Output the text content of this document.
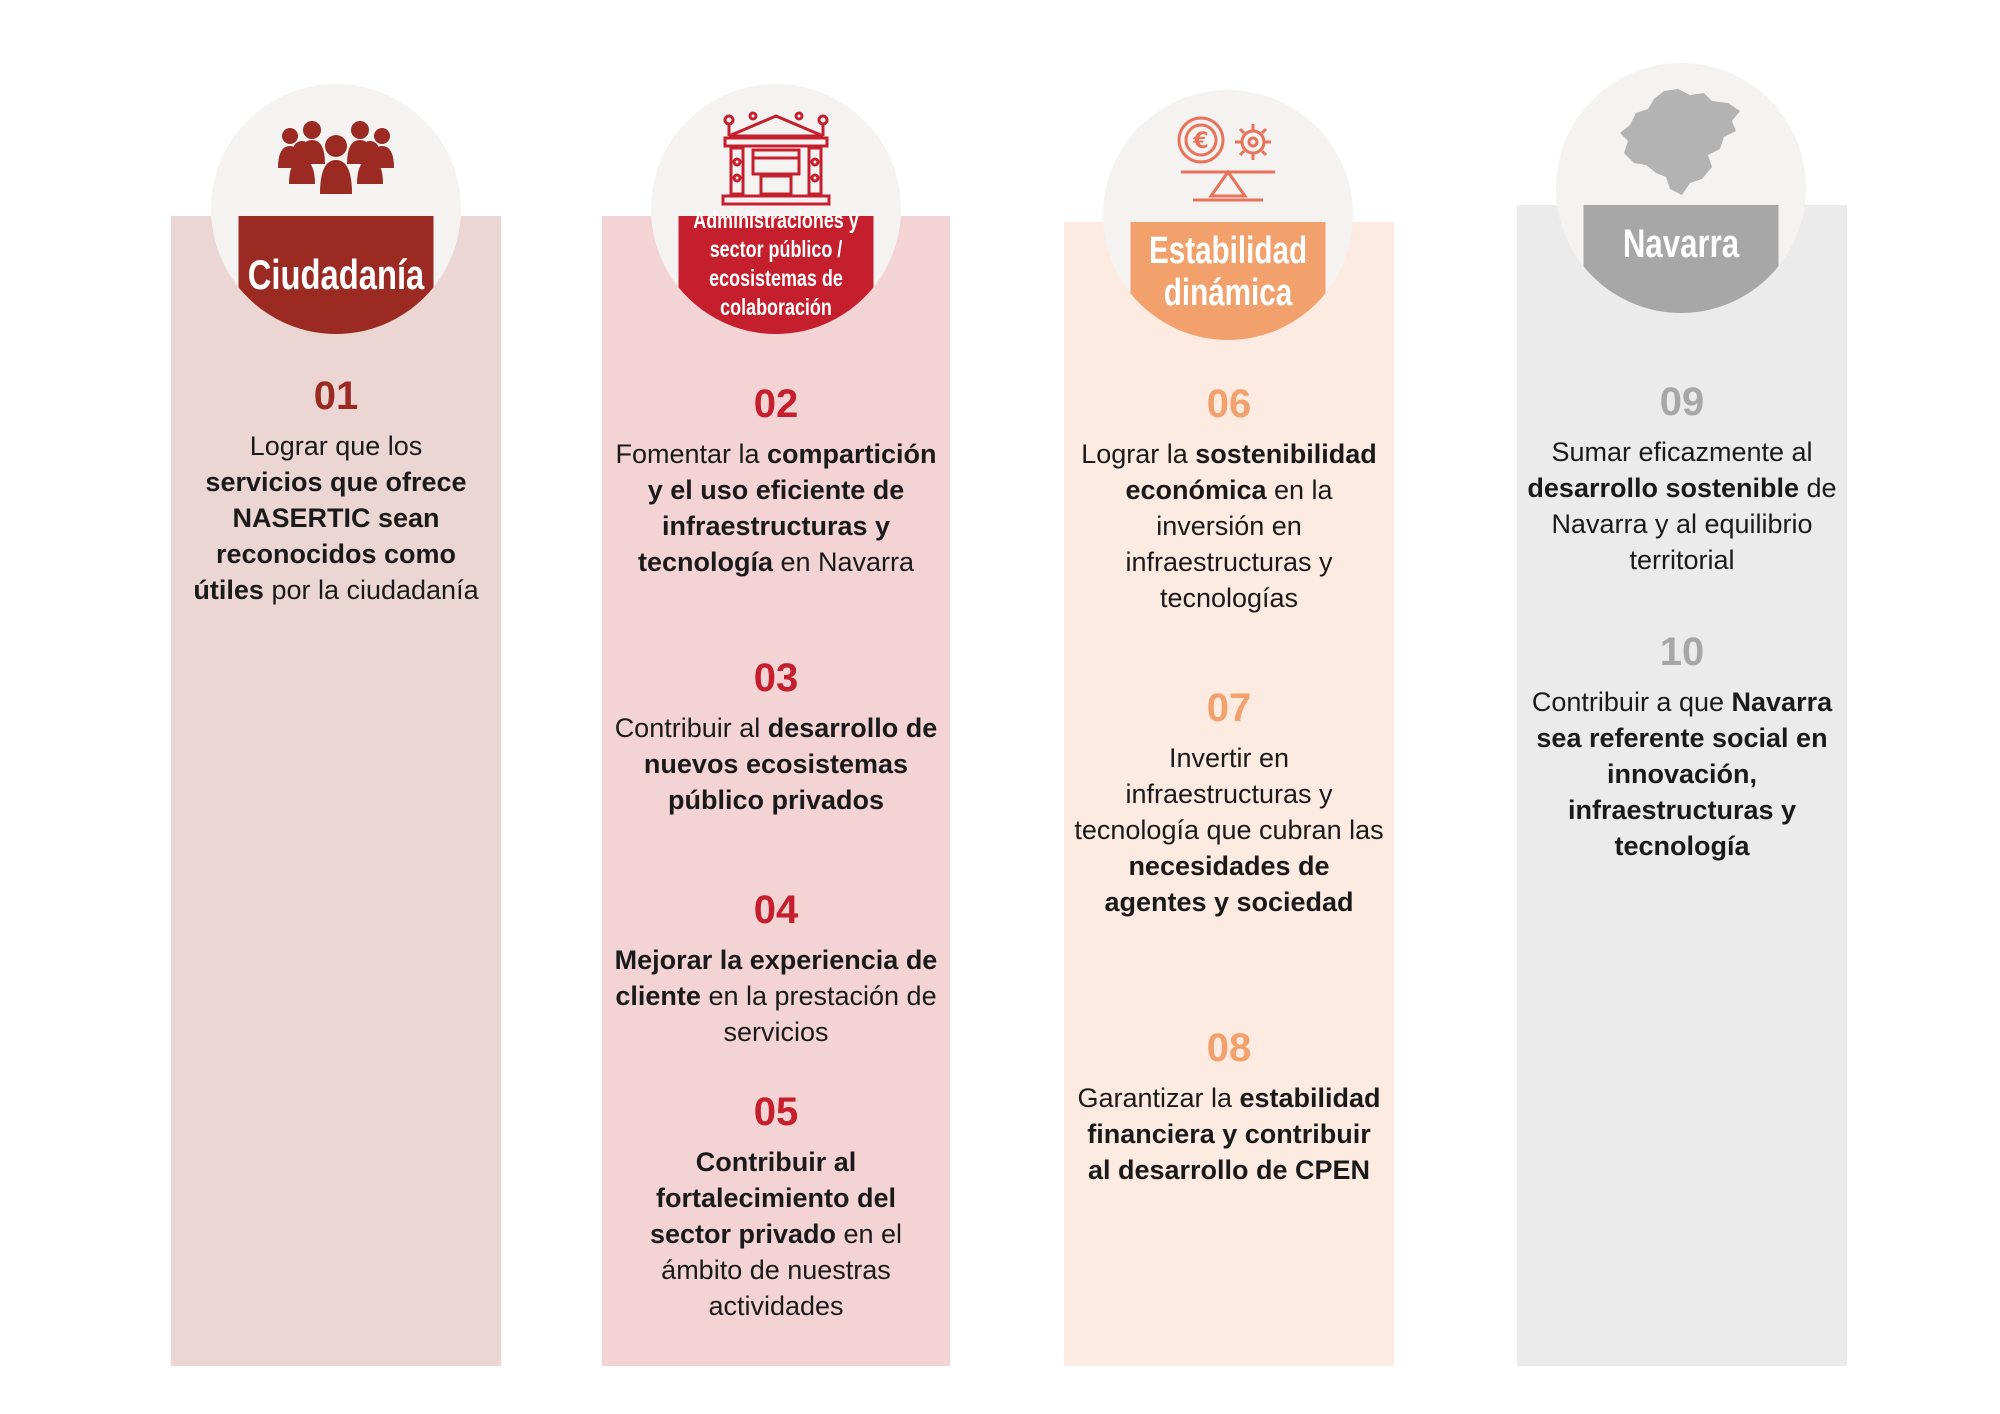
Ciudadanía
01
Lograr que los servicios que ofrece NASERTIC sean reconocidos como útiles por la ciudadanía
Administraciones y sector público / ecosistemas de colaboración
02
Fomentar la compartición y el uso eficiente de infraestructuras y tecnología en Navarra
03
Contribuir al desarrollo de nuevos ecosistemas público privados
04
Mejorar la experiencia de cliente en la prestación de servicios
05
Contribuir al fortalecimiento del sector privado en el ámbito de nuestras actividades
€
Estabilidad dinámica
06
Lograr la sostenibilidad económica en la inversión en infraestructuras y tecnologías
07
Invertir en infraestructuras y tecnología que cubran las necesidades de agentes y sociedad
08
Garantizar la estabilidad financiera y contribuir al desarrollo de CPEN
Navarra
09
Sumar eficazmente al desarrollo sostenible de Navarra y al equilibrio territorial
10
Contribuir a que Navarra sea referente social en innovación, infraestructuras y tecnología
